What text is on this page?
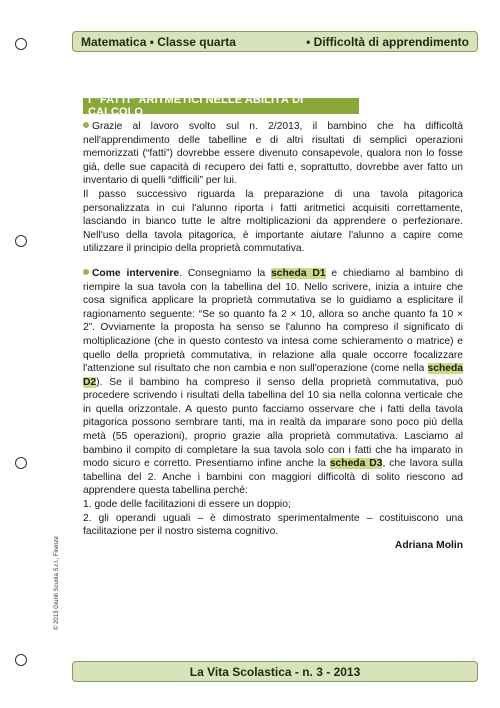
Matematica • Classe quarta	• Difficoltà di apprendimento
I “FATTI” ARITMETICI NELLE ABILITÀ DI CALCOLO

Grazie al lavoro svolto sul n. 2/2013, il bambino che ha difficoltà nell'apprendimento delle tabelline e di altri risultati di semplici operazioni memorizzati (“fatti”) dovrebbe essere divenuto consapevole, qualora non lo fosse già, delle sue capacità di recupero dei fatti e, soprattutto, dovrebbe aver fatto un inventario di quelli “difficili” per lui.

Il passo successivo riguarda la preparazione di una tavola pitagorica personalizzata in cui l'alunno riporta i fatti aritmetici acquisiti correttamente, lasciando in bianco tutte le altre moltiplicazioni da apprendere o perfezionare. Nell'uso della tavola pitagorica, è importante aiutare l'alunno a capire come utilizzare il principio della proprietà commutativa.

Come intervenire. Consegniamo la scheda D1 e chiediamo al bambino di riempire la sua tavola con la tabellina del 10. Nello scrivere, inizia a intuire che cosa significa applicare la proprietà commutativa se lo guidiamo a esplicitare il ragionamento seguente: “Se so quanto fa 2 × 10, allora so anche quanto fa 10 × 2”. Ovviamente la proposta ha senso se l'alunno ha compreso il significato di moltiplicazione (che in questo contesto va intesa come schieramento o matrice) e quello della proprietà commutativa, in relazione alla quale occorre focalizzare l'attenzione sul risultato che non cambia e non sull'operazione (come nella scheda D2). Se il bambino ha compreso il senso della proprietà commutativa, può procedere scrivendo i risultati della tabellina del 10 sia nella colonna verticale che in quella orizzontale. A questo punto facciamo osservare che i fatti della tavola pitagorica possono sembrare tanti, ma in realtà da imparare sono poco più della metà (55 operazioni), proprio grazie alla proprietà commutativa. Lasciamo al bambino il compito di completare la sua tavola solo con i fatti che ha imparato in modo sicuro e corretto. Presentiamo infine anche la scheda D3, che lavora sulla tabellina del 2. Anche i bambini con maggiori difficoltà di solito riescono ad apprendere questa tabellina perché:

1. gode delle facilitazioni di essere un doppio;

2. gli operandi uguali – è dimostrato sperimentalmente – costituiscono una facilitazione per il nostro sistema cognitivo.

Adriana Molin

© 2013 Giunti Scuola S.r.l., Firenze
La Vita Scolastica - n. 3 - 2013
